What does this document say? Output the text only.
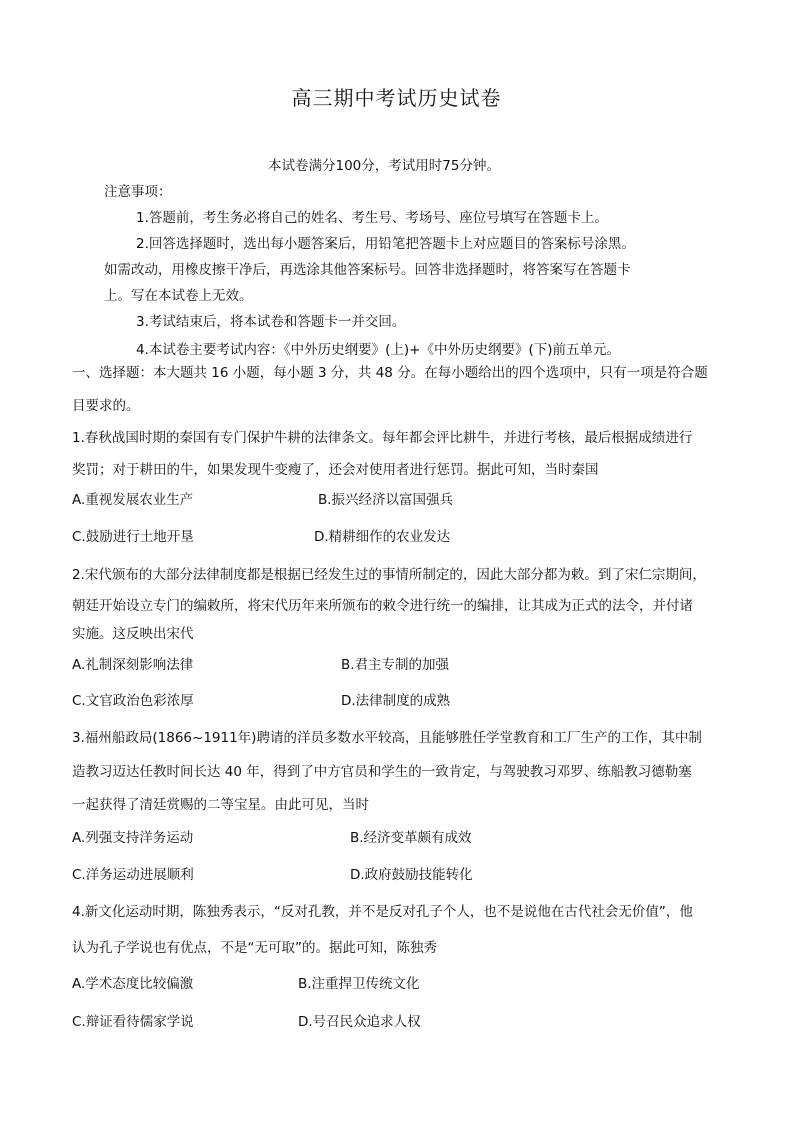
高三期中考试历史试卷
本试卷满分100分，考试用时75分钟。
注意事项：
1.答题前，考生务必将自己的姓名、考生号、考场号、座位号填写在答题卡上。
2.回答选择题时，选出每小题答案后，用铅笔把答题卡上对应题目的答案标号涂黑。
如需改动，用橡皮擦干净后，再选涂其他答案标号。回答非选择题时，将答案写在答题卡
上。写在本试卷上无效。
3.考试结束后，将本试卷和答题卡一并交回。
4.本试卷主要考试内容：《中外历史纲要》(上)+《中外历史纲要》(下)前五单元。
一、选择题：本大题共 16 小题，每小题 3 分，共 48 分。在每小题给出的四个选项中，只有一项是符合题
目要求的。
1.春秋战国时期的秦国有专门保护牛耕的法律条文。每年都会评比耕牛，并进行考核，最后根据成绩进行
奖罚；对于耕田的牛，如果发现牛变瘦了，还会对使用者进行惩罚。据此可知，当时秦国
A.重视发展农业生产	B.振兴经济以富国强兵
C.鼓励进行土地开垦	D.精耕细作的农业发达
2.宋代颁布的大部分法律制度都是根据已经发生过的事情所制定的，因此大部分都为敕。到了宋仁宗期间，
朝廷开始设立专门的编敕所，将宋代历年来所颁布的敕令进行统一的编排，让其成为正式的法令，并付诸
实施。这反映出宋代
A.礼制深刻影响法律	B.君主专制的加强
C.文官政治色彩浓厚	D.法律制度的成熟
3.福州船政局(1866~1911年)聘请的洋员多数水平较高，且能够胜任学堂教育和工厂生产的工作，其中制
造教习迈达任教时间长达 40 年，得到了中方官员和学生的一致肯定，与驾驶教习邓罗、练船教习德勒塞
一起获得了清廷赏赐的二等宝星。由此可见，当时
A.列强支持洋务运动	B.经济变革颇有成效
C.洋务运动进展顺利	D.政府鼓励技能转化
4.新文化运动时期，陈独秀表示，“反对孔教，并不是反对孔子个人，也不是说他在古代社会无价值”，他
认为孔子学说也有优点，不是“无可取”的。据此可知，陈独秀
A.学术态度比较偏激	B.注重捍卫传统文化
C.辩证看待儒家学说	D.号召民众追求人权
